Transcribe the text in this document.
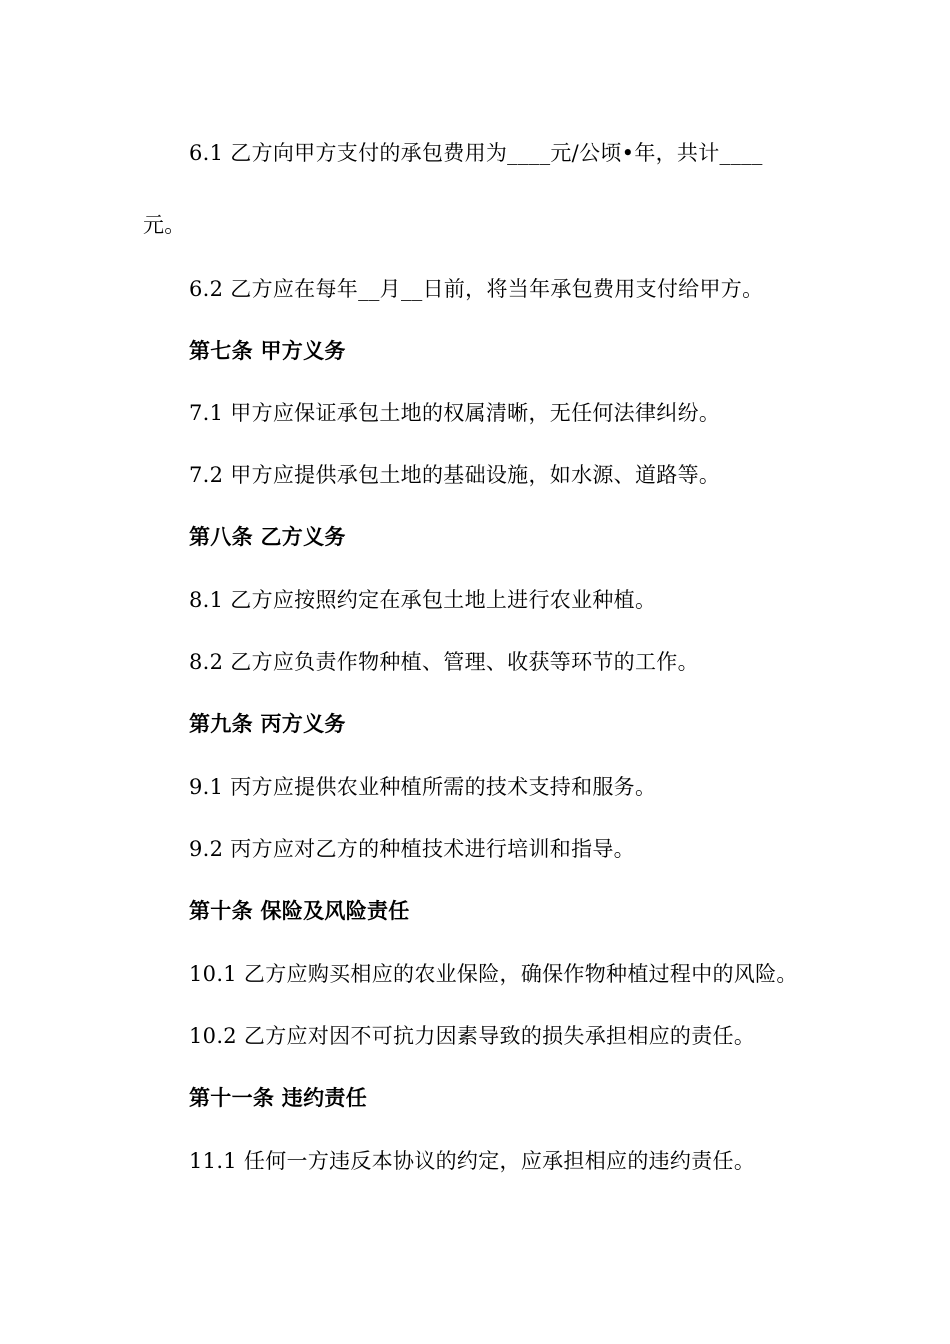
6.1 乙方向甲方支付的承包费用为____元/公顷•年，共计____
元。
6.2 乙方应在每年__月__日前，将当年承包费用支付给甲方。
第七条 甲方义务
7.1 甲方应保证承包土地的权属清晰，无任何法律纠纷。
7.2 甲方应提供承包土地的基础设施，如水源、道路等。
第八条 乙方义务
8.1 乙方应按照约定在承包土地上进行农业种植。
8.2 乙方应负责作物种植、管理、收获等环节的工作。
第九条 丙方义务
9.1 丙方应提供农业种植所需的技术支持和服务。
9.2 丙方应对乙方的种植技术进行培训和指导。
第十条 保险及风险责任
10.1 乙方应购买相应的农业保险，确保作物种植过程中的风险。
10.2 乙方应对因不可抗力因素导致的损失承担相应的责任。
第十一条 违约责任
11.1 任何一方违反本协议的约定，应承担相应的违约责任。
